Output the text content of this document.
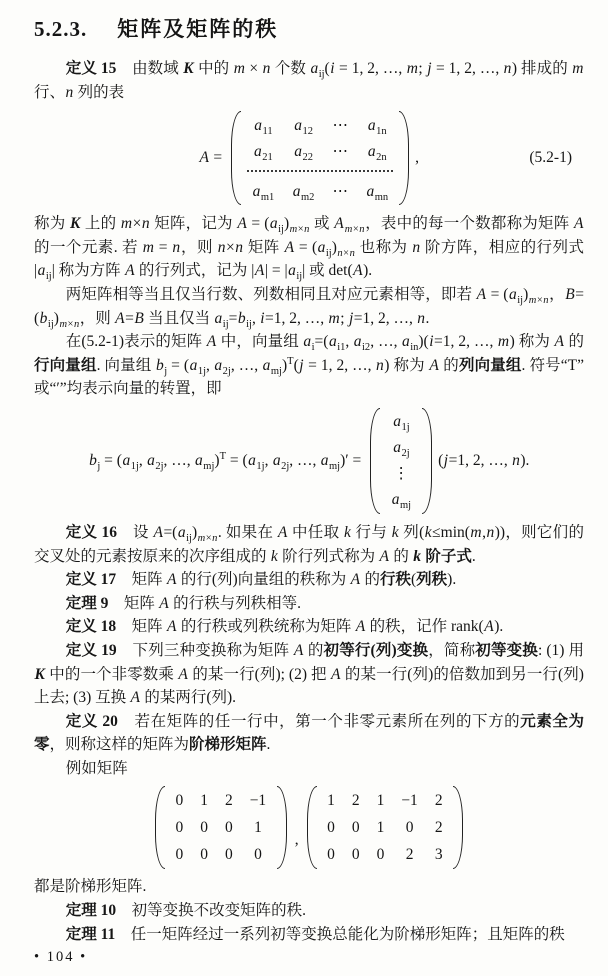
5.2.3. 矩阵及矩阵的秩

定义 15　由数域 K 中的 m × n 个数 $a_{ij}(i = 1$, 2, …, m; j = 1, 2, …, n) 排成的 m 行、n 列的表

A =
$a_{11}$	$a_{12}$	⋯	$a_{1n}$
$a_{21}$	$a_{22}$	⋯	$a_{2n}$
$a_{m1}$	$a_{m2}$	⋯	$a_{mn}$
,	(5.2-1)

称为 K 上的 m×n 矩阵，记为 $A = (a_{ij})_{m\times n}$ 或 $A_{m\times n}$，表中的每一个数都称为矩阵 A 的一个元素. 若 m = n，则 n×n 矩阵 $A = (a_{ij})_{n\times n}$ 也称为 n 阶方阵，相应的行列式 $|a_{ij}|$ 称为方阵 A 的行列式，记为 $|A| = |a_{ij}|$ 或 det(A).

两矩阵相等当且仅当行数、列数相同且对应元素相等，即若 $A = (a_{ij})_{m\times n}$，$B=(b_{ij})_{m\times n}$，则 A=B 当且仅当 $a_{ij}=b_{ij}$, i=1, 2, …, m; j=1, 2, …, n.

在(5.2-1)表示的矩阵 A 中，向量组 $a_i=(a_{i1}$, $a_{i2}$, …, $a_{in})(i=1$, 2, …, m) 称为 A 的行向量组. 向量组 $b_j = (a_{1j}$, $a_{2j}$, …, $a_{mj})^T(j = 1$, 2, …, n) 称为 A 的列向量组. 符号“T”或“′”均表示向量的转置，即

$b_j = (a_{1j}$, $a_{2j}$, …, $a_{mj})^T = (a_{1j}$, $a_{2j}$, …, $a_{mj})'$ =
$a_{1j}$
$a_{2j}$
⋮
$a_{mj}$
(j=1, 2, …, n).

定义 16　设 $A=(a_{ij})_{m\times n}$. 如果在 A 中任取 k 行与 k 列(k≤min(m,n))，则它们的交叉处的元素按原来的次序组成的 k 阶行列式称为 A 的 k 阶子式.

定义 17　矩阵 A 的行(列)向量组的秩称为 A 的行秩(列秩).

定理 9　矩阵 A 的行秩与列秩相等.

定义 18　矩阵 A 的行秩或列秩统称为矩阵 A 的秩，记作 rank(A).

定义 19　下列三种变换称为矩阵 A 的初等行(列)变换，简称初等变换: (1) 用 K 中的一个非零数乘 A 的某一行(列); (2) 把 A 的某一行(列)的倍数加到另一行(列)上去; (3) 互换 A 的某两行(列).

定义 20　若在矩阵的任一行中，第一个非零元素所在列的下方的元素全为零，则称这样的矩阵为阶梯形矩阵.

例如矩阵

0	1	2	−1
0	0	0	1
0	0	0	0
,
1	2	1	−1	2
0	0	1	0	2
0	0	0	2	3

都是阶梯形矩阵.

定理 10　初等变换不改变矩阵的秩.

定理 11　任一矩阵经过一系列初等变换总能化为阶梯形矩阵；且矩阵的秩

• 104 •
